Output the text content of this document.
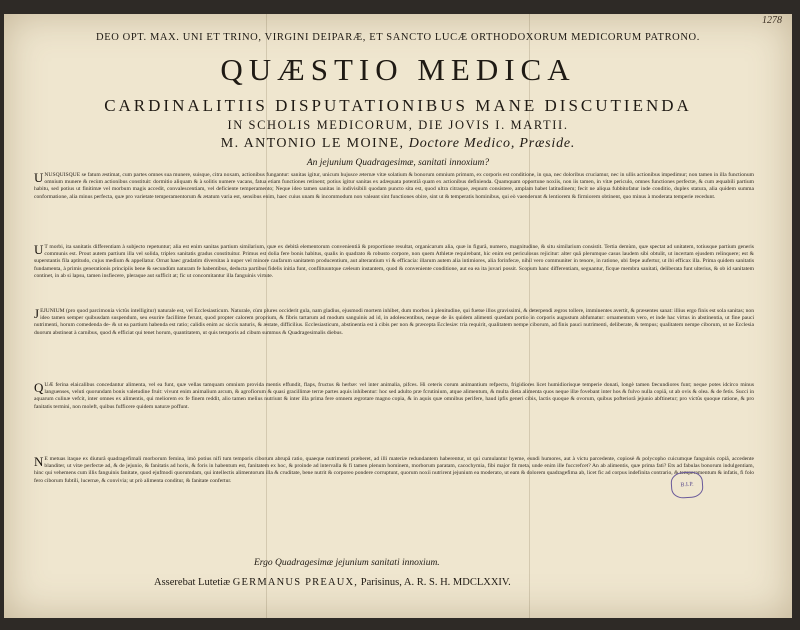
1278

DEO OPT. MAX. UNI ET TRINO, VIRGINI DEIPARÆ, ET SANCTO LUCÆ ORTHODOXORUM MEDICORUM PATRONO.

QUÆSTIO MEDICA

CARDINALITIIS DISPUTATIONIBUS MANE DISCUTIENDA

IN SCHOLIS MEDICORUM, DIE JOVIS I. MARTII.

M. ANTONIO LE MOINE, Doctore Medico, Præside.

An jejunium Quadragesimæ, sanitati innoxium?

UNUSQUISQUE se fatum æstimat, cum partes omnes sua munere, suisque, citra noxam, actionibus fungantur: sanitas igitur, unicum hujusce æternæ vitæ solatium & bonorum omnium primum, ex corporis est conditione, in qua, nec doloribus cruciamur, nec in ullis actionibus impedimur; non tamen in illa functionum omnium munere & recùm actionibus constituit: dormitio aliquam & à solitis numere vacans, fatua etiam functiones retinent; potius igitur sanitas ex adæquata potentiâ quam ex actionibus definienda. Quamquam opportune noxiis, non iis tamen, in vitæ periculo, omnes functiones perfectæ, & cum æquabili partium habitu, sed potius ut finitimæ vel morbum magis accedit, convalescentiam, vel deficiente temperamento; Neque ideo tamen sanitas in indivisibili quodam puncto sita est, quod ultra citraque, æquum consistere, amplam habet latitudinem; fecit ne aliqua fubbitofatur inde conditio, duplex statura, alia quidem summa conformatione, alia minus perfecta, quæ pro varietate temperamentorum & ætatum varia est, sensibus enim, haec cuius unam & incommodum non valeant sint functiones obire, sint ut & temperatis hominibus, qui eò vaenderunt & lentiorem & firmiorem obtinent, quo minus à moderata temperie recedunt.

U T morbi, ita sanitatis differentiam à subjecto repetuntur; alia est enim sanitas partium similarium, quæ ex debitâ elementorum convenientiâ & proportione resultat, organicarum alia, quæ in figurâ, numero, magnitudine, & situ similarium consistit. Tertia demùm, quæ spectat ad unitatem, totiusque partium generis communis est. Prout autem partium illa vel solida, triplex sanitatis gradus constituitur. Primus est dolia fere bonis habitus, qualis in quadrato & robusto corpore, non quem Athletæ requirebant, hic enim est periculosus rejicitur: alter quâ plerumque casus laudem sibi obtulit, ut incertam ejusdem relinquere; est & superstantis fila aptitudo, cujus medium & appellatur. Ornat haec gradatim diversitas à nuper vel minore caufarum sanitatem producentium, aut alterantium vi & efficacia: illarum autem alia intimiores, alia forinfecæ, nihil vero communiter in tenore, in ratione, ubi fæpe aufertur, ut ibi efficax illa. Prima quidem sanitatis fundamenta, à primis generationis principiis bene & secundùm naturam fe habentibus, deducta partibus fidelis initia funt, conflituuntque cæleum instantem, quod & conveniente conditione, aut ea ea ita juvari possit. Scopum hanc differentiam, seguantur, ficque membra sanitati, deliberata funt ulterius, & ob id sanitatem continet, in ab si lapsu, tamen insfiecere, pleraque aut sufficit at; fic ut concomitantur illa fanguinis virtute.

JEJUNIUM (pro quod parcimonia victûs intelligitur) naturale est, vel Ecclesiasticum. Naturale, cùm plures occiderit gula, nam gladius, ejusmodi mortem inhibet, dum morbos à plenitudine, qui fuetse illos gravissimi, & deterpendi ægros tollere, imminentes avertit, & præsentes sanat: illius ergo finis est sola sanitas; non ideo tamen semper quibusdam suspendum, seu esurire facillime ferunt, quod propter calorem proprium, & fibris tartarum ad modum sanguinis ad id, in adolescentibus, neque de iis quidem alimenti quædam portio in corporis augustum abfumatur: ornamentum vero, et inde hac virtus in abstinentia, ut fine pauci nutrimenti, horum comedenda de- & ut ea partium habenda est ratio; calidis enim ac siccis naturis, & æstate, difficilius. Ecclesiasticum, abstinentia est à cibis per non & præcepta Ecclesiæ: tria requirit, qualitatem nempe ciborum, ad finis pauci nutrimenti, deliberate, & tempus; qualitatem nempe ciborum, ut ne Ecclesia duorum abstineat à carnibus, quod & efficiat qui tenet horum, quantitatem, ut quis temporis ad cibum summus & Quadragesimalis diebus.

QUÆ ferina elaicalibus concedantur alimenta, vel ea funt, quæ vellas tamquam omnium provida mentis effundit, flaps, fructus & herbæ: vel inter animalia, pifces. Hi ceteris corum animantium refpectu, frigidiores licet humidiorisque temperie donati, longè tamen fæcundiores funt; neque potes idcirco minus languenses, veluti quorundam bonis valetudine fruit: vivunt enim animalium arcum, & agrofiorum & quasi gracillimæ terræ partes aquis inhibentur: hoc sed adulto præ fcrutinium, atque alimentum, & multa dieta alimenta quos neque illæ fovebant inter hos & fulvo nulla copiâ, ut ab ovis & olea. & de fetis. Succi in aquarum culinæ vefcit, inter omnes ex alimentis, qui meliorem ex fe finem reddit, alio tamen melius nutriunt & inter illa prima fere omnem ægrotare magno copia, & in aquis quæ omnibus perifere, haud ipfis generi cibis, lactis quoque & ovorum, quibus pofteriorâ jejunio abftinetur; pro victûs quoque ratione, & pro fanitatis termini, non moleft, quibus fufficere quidem naturæ poffunt.

N E metuas itaque ex diuturâ quadragefimali morborum femina, imò potius nifi tum temporis ciborum abrupâ ratio, quaeque nutrimenti præberet, ad illi materiæ redundantem haberentur, ut qui cumulantur hyeme, eundi humores, aut à victu parcedente, copiosè & polycopho cuicumque fanguinis copiâ, accedente blanditer, ut vitæ perfectæ ad, & de jejunio, & fanitatis ad horis, & foris in habentum est, fanitatem ex hoc, & proinde ad intervalla & fi tamen plenum hominem, morborum paratam, cacochymia, fibi major fit meta, unde enim ille fuccrefcet? An ab alimentis, quæ prima fati? Ets ad fabulas bonorum indulgentiam, hinc qui vehemens cum illis fanguinis fanitate, quod ejufmodi quorumdam, qui intellectis alimentorum illa & cruditate, bene nutrit & corporeo pondere corruptunt, quorum noxii nutrirent jejunium ea moderato, ut eam & dolorem quadragefima ab, licet fic ad corpus indefinita contrario, & temperamentum & infatis, fi folo fero ciborum fubtili, lucernæ, & convivia; ut prò alimenta conditur, & fanitate confertur.

B.I.P.

Ergo Quadragesimæ jejunium sanitati innoxium.

Asserebat Lutetiæ GERMANUS PREAUX, Parisinus, A. R. S. H. MDCLXXIV.
